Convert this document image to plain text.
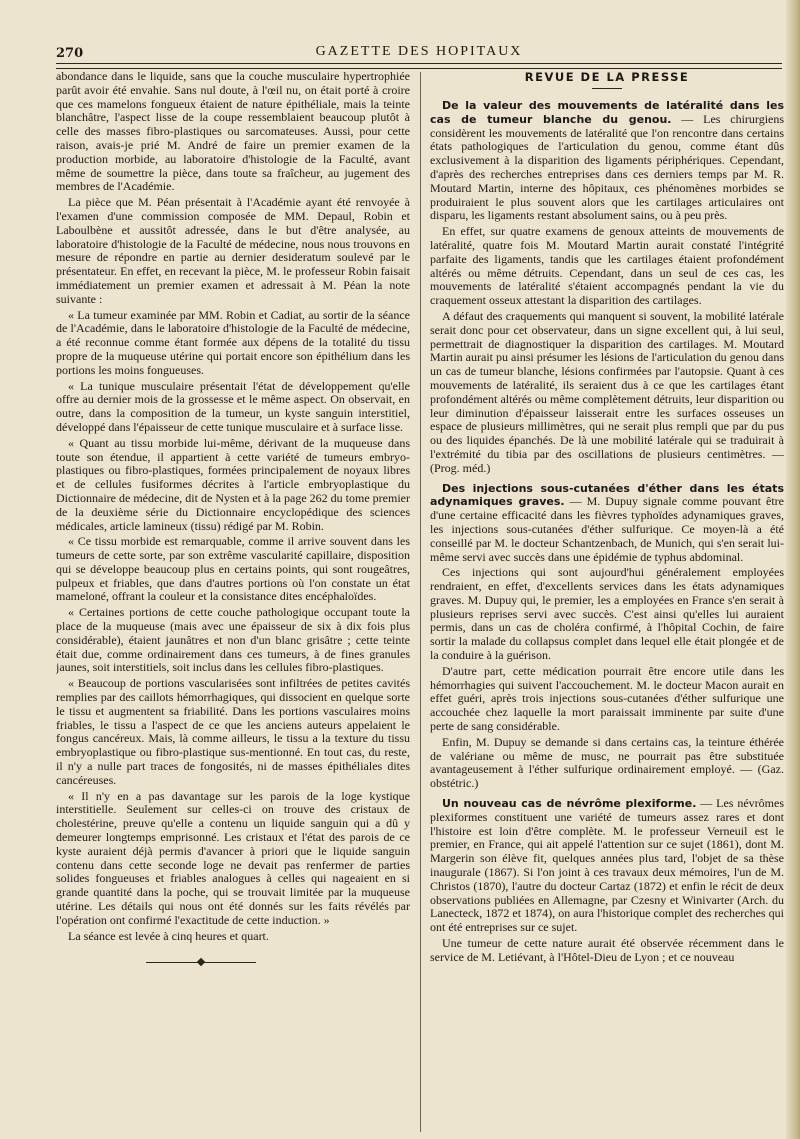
270	GAZETTE DES HOPITAUX

abondance dans le liquide, sans que la couche musculaire hypertrophiée parût avoir été envahie. Sans nul doute, à l'œil nu, on était porté à croire que ces mamelons fongueux étaient de nature épithéliale, mais la teinte blanchâtre, l'aspect lisse de la coupe ressemblaient beaucoup plutôt à celle des masses fibro-plastiques ou sarcomateuses. Aussi, pour cette raison, avais-je prié M. André de faire un premier examen de la production morbide, au laboratoire d'histologie de la Faculté, avant même de soumettre la pièce, dans toute sa fraîcheur, au jugement des membres de l'Académie.

La pièce que M. Péan présentait à l'Académie ayant été renvoyée à l'examen d'une commission composée de MM. Depaul, Robin et Laboulbène et aussitôt adressée, dans le but d'être analysée, au laboratoire d'histologie de la Faculté de médecine, nous nous trouvons en mesure de répondre en partie au dernier desideratum soulevé par le présentateur. En effet, en recevant la pièce, M. le professeur Robin faisait immédiatement un premier examen et adressait à M. Péan la note suivante :

« La tumeur examinée par MM. Robin et Cadiat, au sortir de la séance de l'Académie, dans le laboratoire d'histologie de la Faculté de médecine, a été reconnue comme étant formée aux dépens de la totalité du tissu propre de la muqueuse utérine qui portait encore son épithélium dans les portions les moins fongueuses.

« La tunique musculaire présentait l'état de développement qu'elle offre au dernier mois de la grossesse et le même aspect. On observait, en outre, dans la composition de la tumeur, un kyste sanguin interstitiel, développé dans l'épaisseur de cette tunique musculaire et à surface lisse.

« Quant au tissu morbide lui-même, dérivant de la muqueuse dans toute son étendue, il appartient à cette variété de tumeurs embryo-plastiques ou fibro-plastiques, formées principalement de noyaux libres et de cellules fusiformes décrites à l'article embryoplastique du Dictionnaire de médecine, dit de Nysten et à la page 262 du tome premier de la deuxième série du Dictionnaire encyclopédique des sciences médicales, article lamineux (tissu) rédigé par M. Robin.

« Ce tissu morbide est remarquable, comme il arrive souvent dans les tumeurs de cette sorte, par son extrême vascularité capillaire, disposition qui se développe beaucoup plus en certains points, qui sont rougeâtres, pulpeux et friables, que dans d'autres portions où l'on constate un état mameloné, offrant la couleur et la consistance dites encéphaloïdes.

« Certaines portions de cette couche pathologique occupant toute la place de la muqueuse (mais avec une épaisseur de six à dix fois plus considérable), étaient jaunâtres et non d'un blanc grisâtre ; cette teinte était due, comme ordinairement dans ces tumeurs, à de fines granules jaunes, soit interstitiels, soit inclus dans les cellules fibro-plastiques.

« Beaucoup de portions vascularisées sont infiltrées de petites cavités remplies par des caillots hémorrhagiques, qui dissocient en quelque sorte le tissu et augmentent sa friabilité. Dans les portions vasculaires moins friables, le tissu a l'aspect de ce que les anciens auteurs appelaient le fongus cancéreux. Mais, là comme ailleurs, le tissu a la texture du tissu embryoplastique ou fibro-plastique sus-mentionné. En tout cas, du reste, il n'y a nulle part traces de fongosités, ni de masses épithéliales dites cancéreuses.

« Il n'y en a pas davantage sur les parois de la loge kystique interstitielle. Seulement sur celles-ci on trouve des cristaux de cholestérine, preuve qu'elle a contenu un liquide sanguin qui a dû y demeurer longtemps emprisonné. Les cristaux et l'état des parois de ce kyste auraient déjà permis d'avancer à priori que le liquide sanguin contenu dans cette seconde loge ne devait pas renfermer de parties solides fongueuses et friables analogues à celles qui nageaient en si grande quantité dans la poche, qui se trouvait limitée par la muqueuse utérine. Les détails qui nous ont été donnés sur les faits révélés par l'opération ont confirmé l'exactitude de cette induction. »

La séance est levée à cinq heures et quart.

REVUE DE LA PRESSE

De la valeur des mouvements de latéralité dans les cas de tumeur blanche du genou. — Les chirurgiens considèrent les mouvements de latéralité que l'on rencontre dans certains états pathologiques de l'articulation du genou, comme étant dûs exclusivement à la disparition des ligaments périphériques. Cependant, d'après des recherches entreprises dans ces derniers temps par M. R. Moutard Martin, interne des hôpitaux, ces phénomènes morbides se produiraient le plus souvent alors que les cartilages articulaires ont disparu, les ligaments restant absolument sains, ou à peu près.

En effet, sur quatre examens de genoux atteints de mouvements de latéralité, quatre fois M. Moutard Martin aurait constaté l'intégrité parfaite des ligaments, tandis que les cartilages étaient profondément altérés ou même détruits. Cependant, dans un seul de ces cas, les mouvements de latéralité s'étaient accompagnés pendant la vie du craquement osseux attestant la disparition des cartilages.

A défaut des craquements qui manquent si souvent, la mobilité latérale serait donc pour cet observateur, dans un signe excellent qui, à lui seul, permettrait de diagnostiquer la disparition des cartilages. M. Moutard Martin aurait pu ainsi présumer les lésions de l'articulation du genou dans un cas de tumeur blanche, lésions confirmées par l'autopsie. Quant à ces mouvements de latéralité, ils seraient dus à ce que les cartilages étant profondément altérés ou même complètement détruits, leur disparition ou leur diminution d'épaisseur laisserait entre les surfaces osseuses un espace de plusieurs millimètres, qui ne serait plus rempli que par du pus ou des liquides épanchés. De là une mobilité latérale qui se traduirait à l'extrémité du tibia par des oscillations de plusieurs centimètres. — (Prog. méd.)

Des injections sous-cutanées d'éther dans les états adynamiques graves. — M. Dupuy signale comme pouvant être d'une certaine efficacité dans les fièvres typhoïdes adynamiques graves, les injections sous-cutanées d'éther sulfurique. Ce moyen-là a été conseillé par M. le docteur Schantzenbach, de Munich, qui s'en serait lui-même servi avec succès dans une épidémie de typhus abdominal.

Ces injections qui sont aujourd'hui généralement employées rendraient, en effet, d'excellents services dans les états adynamiques graves. M. Dupuy qui, le premier, les a employées en France s'en serait à plusieurs reprises servi avec succès. C'est ainsi qu'elles lui auraient permis, dans un cas de choléra confirmé, à l'hôpital Cochin, de faire sortir la malade du collapsus complet dans lequel elle était plongée et de la conduire à la guérison.

D'autre part, cette médication pourrait être encore utile dans les hémorrhagies qui suivent l'accouchement. M. le docteur Macon aurait en effet guéri, après trois injections sous-cutanées d'éther sulfurique une accouchée chez laquelle la mort paraissait imminente par suite d'une perte de sang considérable.

Enfin, M. Dupuy se demande si dans certains cas, la teinture éthérée de valériane ou même de musc, ne pourrait pas être substituée avantageusement à l'éther sulfurique ordinairement employé. — (Gaz. obstétric.)

Un nouveau cas de névrôme plexiforme. — Les névrômes plexiformes constituent une variété de tumeurs assez rares et dont l'histoire est loin d'être complète. M. le professeur Verneuil est le premier, en France, qui ait appelé l'attention sur ce sujet (1861), dont M. Margerin son élève fit, quelques années plus tard, l'objet de sa thèse inaugurale (1867). Si l'on joint à ces travaux deux mémoires, l'un de M. Christos (1870), l'autre du docteur Cartaz (1872) et enfin le récit de deux observations publiées en Allemagne, par Czesny et Winivarter (Arch. du Lanecteck, 1872 et 1874), on aura l'historique complet des recherches qui ont été entreprises sur ce sujet.

Une tumeur de cette nature aurait été observée récemment dans le service de M. Letiévant, à l'Hôtel-Dieu de Lyon ; et ce nouveau
